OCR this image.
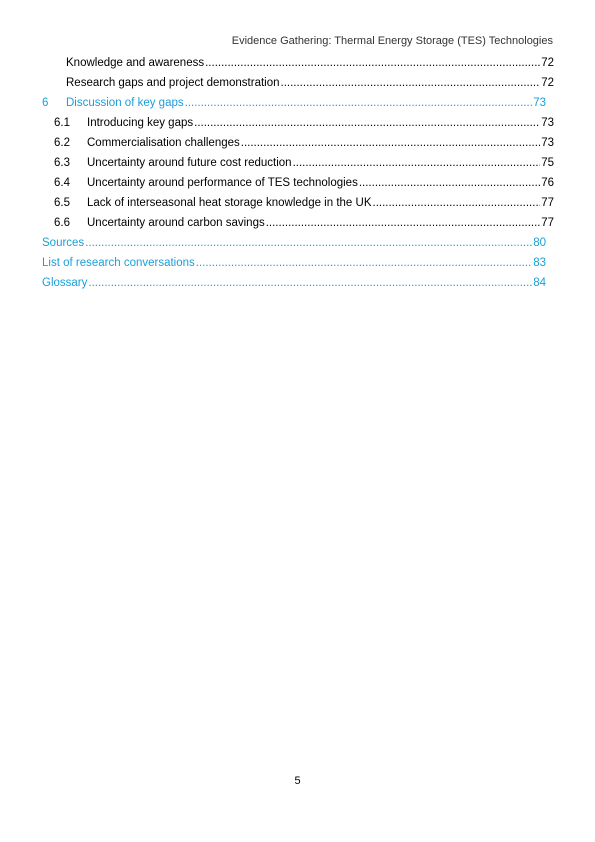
Evidence Gathering: Thermal Energy Storage (TES) Technologies
Knowledge and awareness .....	72
Research gaps and project demonstration .....	72
6	Discussion of key gaps .....	73
6.1	Introducing key gaps .....	73
6.2	Commercialisation challenges .....	73
6.3	Uncertainty around future cost reduction .....	75
6.4	Uncertainty around performance of TES technologies .....	76
6.5	Lack of interseasonal heat storage knowledge in the UK .....	77
6.6	Uncertainty around carbon savings .....	77
Sources .....	80
List of research conversations .....	83
Glossary .....	84
5
